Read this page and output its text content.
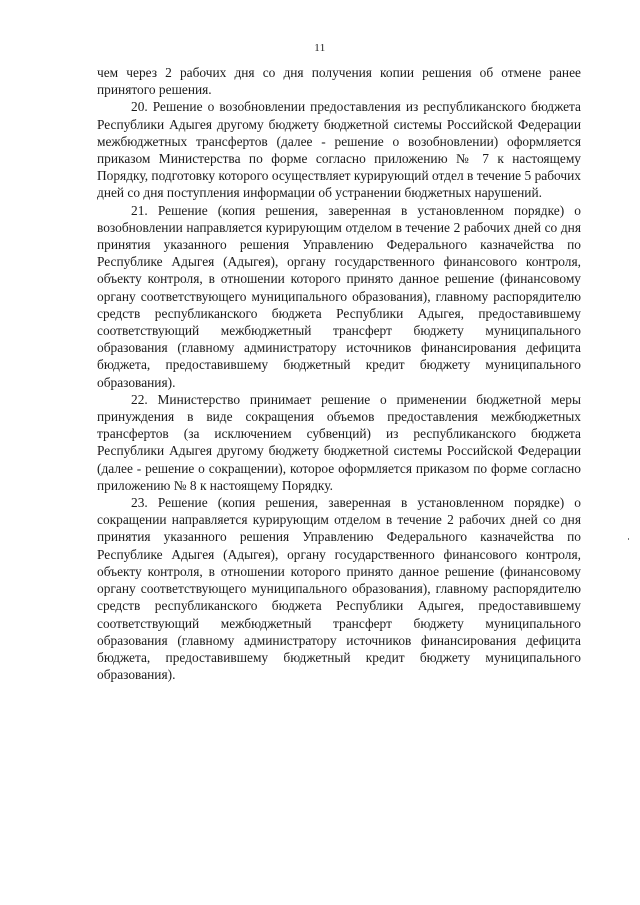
11

чем через 2 рабочих дня со дня получения копии решения об отмене ранее принятого решения.

20. Решение о возобновлении предоставления из республиканского бюджета Республики Адыгея другому бюджету бюджетной системы Российской Федерации межбюджетных трансфертов (далее - решение о возобновлении) оформляется приказом Министерства по форме согласно приложению № 7 к настоящему Порядку, подготовку которого осуществляет курирующий отдел в течение 5 рабочих дней со дня поступления информации об устранении бюджетных нарушений.

21. Решение (копия решения, заверенная в установленном порядке) о возобновлении направляется курирующим отделом в течение 2 рабочих дней со дня принятия указанного решения Управлению Федерального казначейства по Республике Адыгея (Адыгея), органу государственного финансового контроля, объекту контроля, в отношении которого принято данное решение (финансовому органу соответствующего муниципального образования), главному распорядителю средств республиканского бюджета Республики Адыгея, предоставившему соответствующий межбюджетный трансферт бюджету муниципального образования (главному администратору источников финансирования дефицита бюджета, предоставившему бюджетный кредит бюджету муниципального образования).

22. Министерство принимает решение о применении бюджетной меры принуждения в виде сокращения объемов предоставления межбюджетных трансфертов (за исключением субвенций) из республиканского бюджета Республики Адыгея другому бюджету бюджетной системы Российской Федерации (далее - решение о сокращении), которое оформляется приказом по форме согласно приложению № 8 к настоящему Порядку.

23. Решение (копия решения, заверенная в установленном порядке) о сокращении направляется курирующим отделом в течение 2 рабочих дней со дня принятия указанного решения Управлению Федерального казначейства по Республике Адыгея (Адыгея), органу государственного финансового контроля, объекту контроля, в отношении которого принято данное решение (финансовому органу соответствующего муниципального образования), главному распорядителю средств республиканского бюджета Республики Адыгея, предоставившему соответствующий межбюджетный трансферт бюджету муниципального образования (главному администратору источников финансирования дефицита бюджета, предоставившему бюджетный кредит бюджету муниципального образования).
